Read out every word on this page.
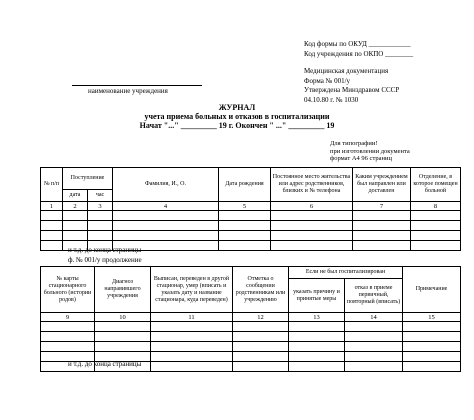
Код формы по ОКУД ____________
Код учреждения по ОКПО ________
Медицинская документация
Форма № 001/у
Утверждена Минздравом СССР
04.10.80 г. № 1030
наименование учреждения
ЖУРНАЛ
учета приема больных и отказов в госпитализации
Начат "..." _________ 19 г. Окончен " ..." _________ 19
Для типографии!
при изготовлении документа
формат А4 96 страниц
№ п/п	Поступление		Фамилия, И., О.	Дата рождения	Постоянное место жительства или адрес родственников, близких и № телефона	Каким учреждением был направлен или доставлен	Отделение, в которое помещен больной
	дата	час					
1	2	3	4	5	6	7	8

и т.д. до конца страницы
ф. № 001/у продолжение
№ карты стационарного больного (истории родов)	Диагноз направившего учреждения	Выписан, переведен в другой стационар, умер (вписать и указать дату и название стационара, куда переведен)	Отметка о сообщении родственникам или учреждению	Если не был госпитализирован		Примечание
				указать причину и принятые меры	отказ в приеме первичный, повторный (вписать)	
9	10	11	12	13	14	15

и т.д. до конца страницы
